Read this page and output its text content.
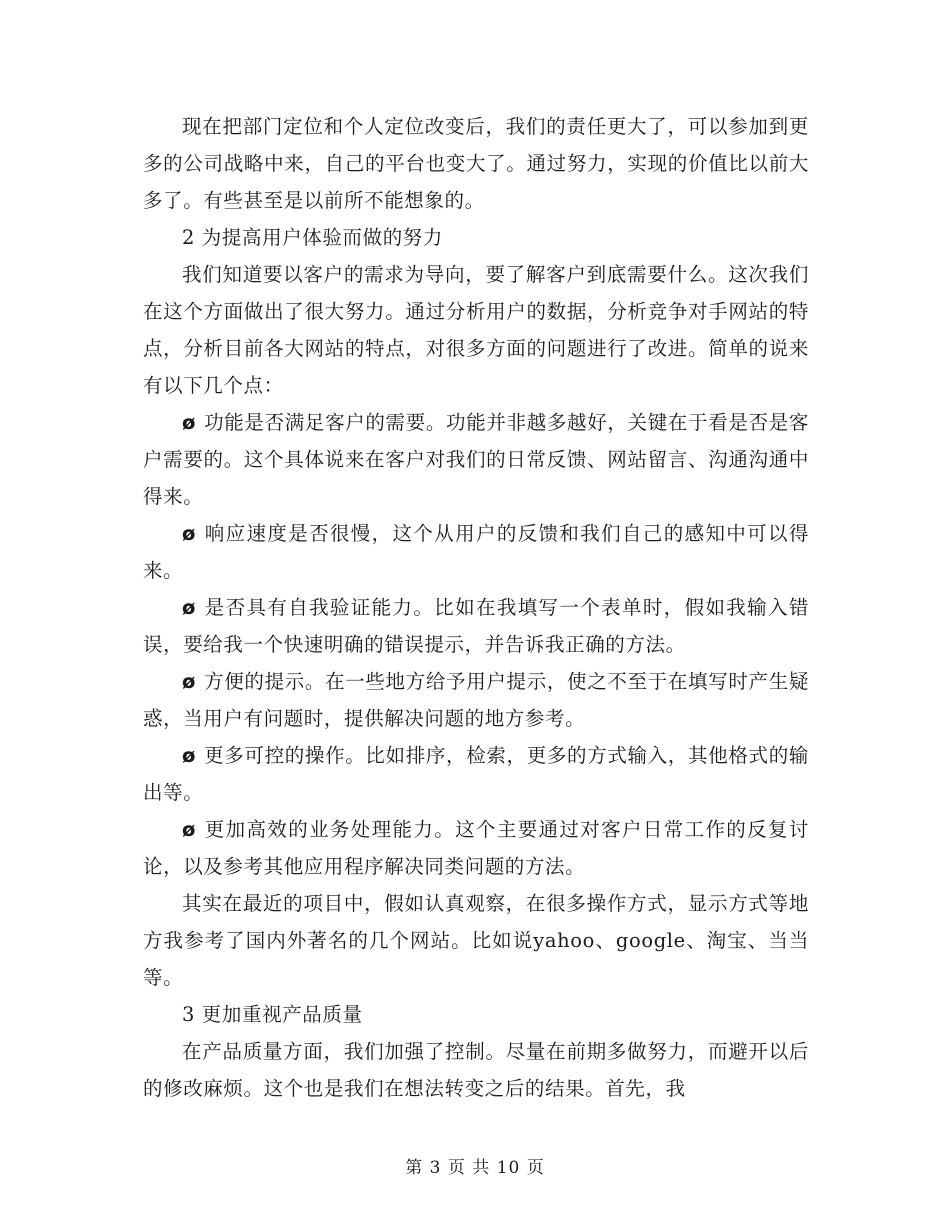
现在把部门定位和个人定位改变后，我们的责任更大了，可以参加到更多的公司战略中来，自己的平台也变大了。通过努力，实现的价值比以前大多了。有些甚至是以前所不能想象的。

2 为提高用户体验而做的努力

我们知道要以客户的需求为导向，要了解客户到底需要什么。这次我们在这个方面做出了很大努力。通过分析用户的数据，分析竞争对手网站的特点，分析目前各大网站的特点，对很多方面的问题进行了改进。简单的说来有以下几个点：

ø 功能是否满足客户的需要。功能并非越多越好，关键在于看是否是客户需要的。这个具体说来在客户对我们的日常反馈、网站留言、沟通沟通中得来。

ø 响应速度是否很慢，这个从用户的反馈和我们自己的感知中可以得来。

ø 是否具有自我验证能力。比如在我填写一个表单时，假如我输入错误，要给我一个快速明确的错误提示，并告诉我正确的方法。

ø 方便的提示。在一些地方给予用户提示，使之不至于在填写时产生疑惑，当用户有问题时，提供解决问题的地方参考。

ø 更多可控的操作。比如排序，检索，更多的方式输入，其他格式的输出等。

ø 更加高效的业务处理能力。这个主要通过对客户日常工作的反复讨论，以及参考其他应用程序解决同类问题的方法。

其实在最近的项目中，假如认真观察，在很多操作方式，显示方式等地方我参考了国内外著名的几个网站。比如说yahoo、google、淘宝、当当等。

3 更加重视产品质量

在产品质量方面，我们加强了控制。尽量在前期多做努力，而避开以后的修改麻烦。这个也是我们在想法转变之后的结果。首先，我

第 3 页 共 10 页
